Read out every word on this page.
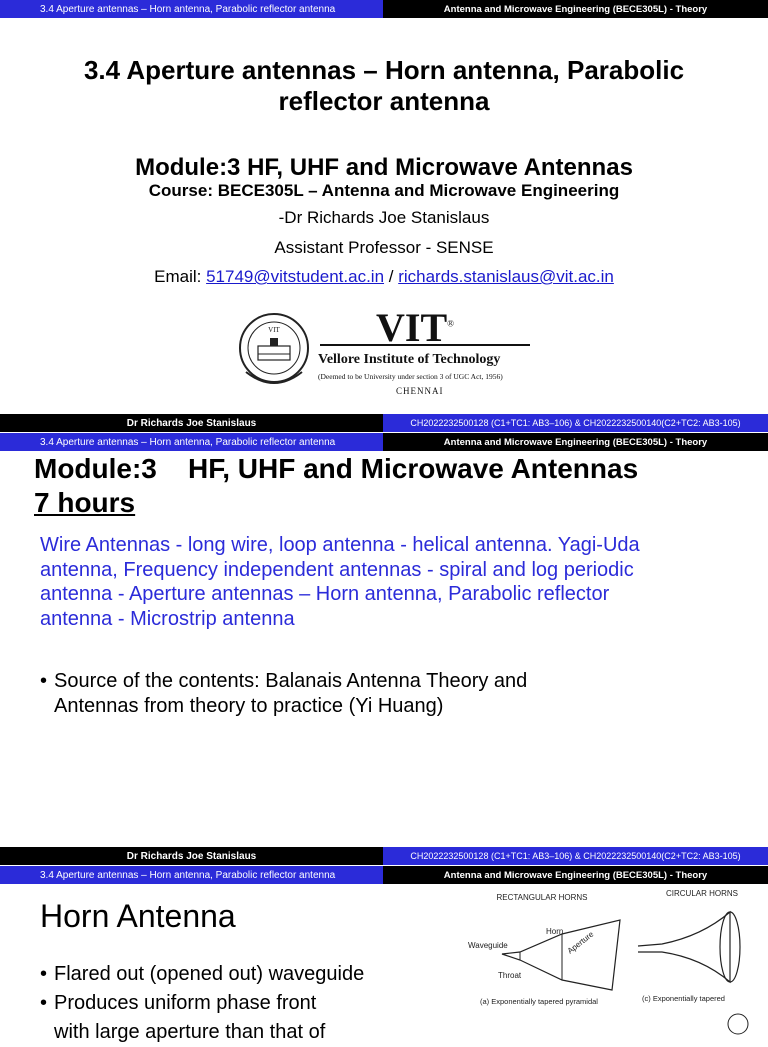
3.4 Aperture antennas – Horn antenna, Parabolic reflector antenna	Antenna and Microwave Engineering (BECE305L) - Theory
3.4 Aperture antennas – Horn antenna, Parabolic
reflector antenna
Module:3 HF, UHF and Microwave Antennas
Course: BECE305L – Antenna and Microwave Engineering
-Dr Richards Joe Stanislaus
Assistant Professor - SENSE
Email: 51749@vitstudent.ac.in / richards.stanislaus@vit.ac.in
VIT VIT®
Vellore Institute of Technology
(Deemed to be University under section 3 of UGC Act, 1956)
CHENNAI
Dr Richards Joe Stanislaus	CH2022232500128 (C1+TC1: AB3–106) & CH2022232500140(C2+TC2: AB3-105)
3.4 Aperture antennas – Horn antenna, Parabolic reflector antenna	Antenna and Microwave Engineering (BECE305L) - Theory
Module:3    HF, UHF and Microwave Antennas
7 hours
Wire Antennas - long wire, loop antenna - helical antenna. Yagi-Uda
antenna, Frequency independent antennas - spiral and log periodic
antenna - Aperture antennas – Horn antenna, Parabolic reflector
antenna - Microstrip antenna
• Source of the contents: Balanais Antenna Theory and
Antennas from theory to practice (Yi Huang)
Dr Richards Joe Stanislaus	CH2022232500128 (C1+TC1: AB3–106) & CH2022232500140(C2+TC2: AB3-105)
3.4 Aperture antennas – Horn antenna, Parabolic reflector antenna	Antenna and Microwave Engineering (BECE305L) - Theory
Horn Antenna
• Flared out (opened out) waveguide
• Produces uniform phase front
with large aperture than that of
RECTANGULAR HORNS	CIRCULAR HORNS
Horn
Waveguide	Aperture
Throat
(a) Exponentially tapered pyramidal	(c) Exponentially tapered
